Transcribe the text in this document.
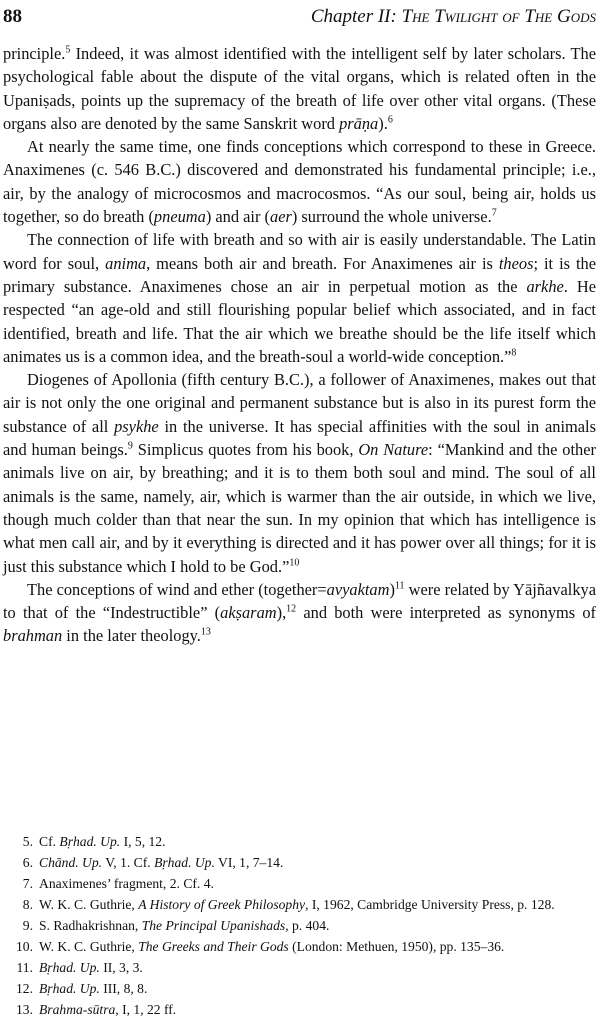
88	Chapter II: The Twilight of The Gods

principle.$^5$ Indeed, it was almost identified with the intelligent self by later scholars. The psychological fable about the dispute of the vital organs, which is related often in the Upaniṣads, points up the supremacy of the breath of life over other vital organs. (These organs also are denoted by the same Sanskrit word prāṇa).$^6$

At nearly the same time, one finds conceptions which correspond to these in Greece. Anaximenes (c. 546 B.C.) discovered and demonstrated his fundamental principle; i.e., air, by the analogy of microcosmos and macrocosmos. “As our soul, being air, holds us together, so do breath (pneuma) and air (aer) surround the whole universe.$^7$

The connection of life with breath and so with air is easily understandable. The Latin word for soul, anima, means both air and breath. For Anaximenes air is theos; it is the primary substance. Anaximenes chose an air in perpetual motion as the arkhe. He respected “an age-old and still flourishing popular belief which associated, and in fact identified, breath and life. That the air which we breathe should be the life itself which animates us is a common idea, and the breath-soul a world-wide conception.”$^8$

Diogenes of Apollonia (fifth century B.C.), a follower of Anaximenes, makes out that air is not only the one original and permanent substance but is also in its purest form the substance of all psykhe in the universe. It has special affinities with the soul in animals and human beings.$^9$ Simplicus quotes from his book, On Nature: “Mankind and the other animals live on air, by breathing; and it is to them both soul and mind. The soul of all animals is the same, namely, air, which is warmer than the air outside, in which we live, though much colder than that near the sun. In my opinion that which has intelligence is what men call air, and by it everything is directed and it has power over all things; for it is just this substance which I hold to be God.”$^{10}$

The conceptions of wind and ether (together=avyaktam)$^{11}$ were related by Yājñavalkya to that of the “Indestructible” (akṣaram),$^{12}$ and both were interpreted as synonyms of brahman in the later theology.$^{13}$

5. Cf. Bṛhad. Up. I, 5, 12.
6. Chānd. Up. V, 1. Cf. Bṛhad. Up. VI, 1, 7–14.
7. Anaximenes’ fragment, 2. Cf. 4.
8. W. K. C. Guthrie, A History of Greek Philosophy, I, 1962, Cambridge University Press, p. 128.
9. S. Radhakrishnan, The Principal Upanishads, p. 404.
10. W. K. C. Guthrie, The Greeks and Their Gods (London: Methuen, 1950), pp. 135–36.
11. Bṛhad. Up. II, 3, 3.
12. Bṛhad. Up. III, 8, 8.
13. Brahma-sūtra, I, 1, 22 ff.
